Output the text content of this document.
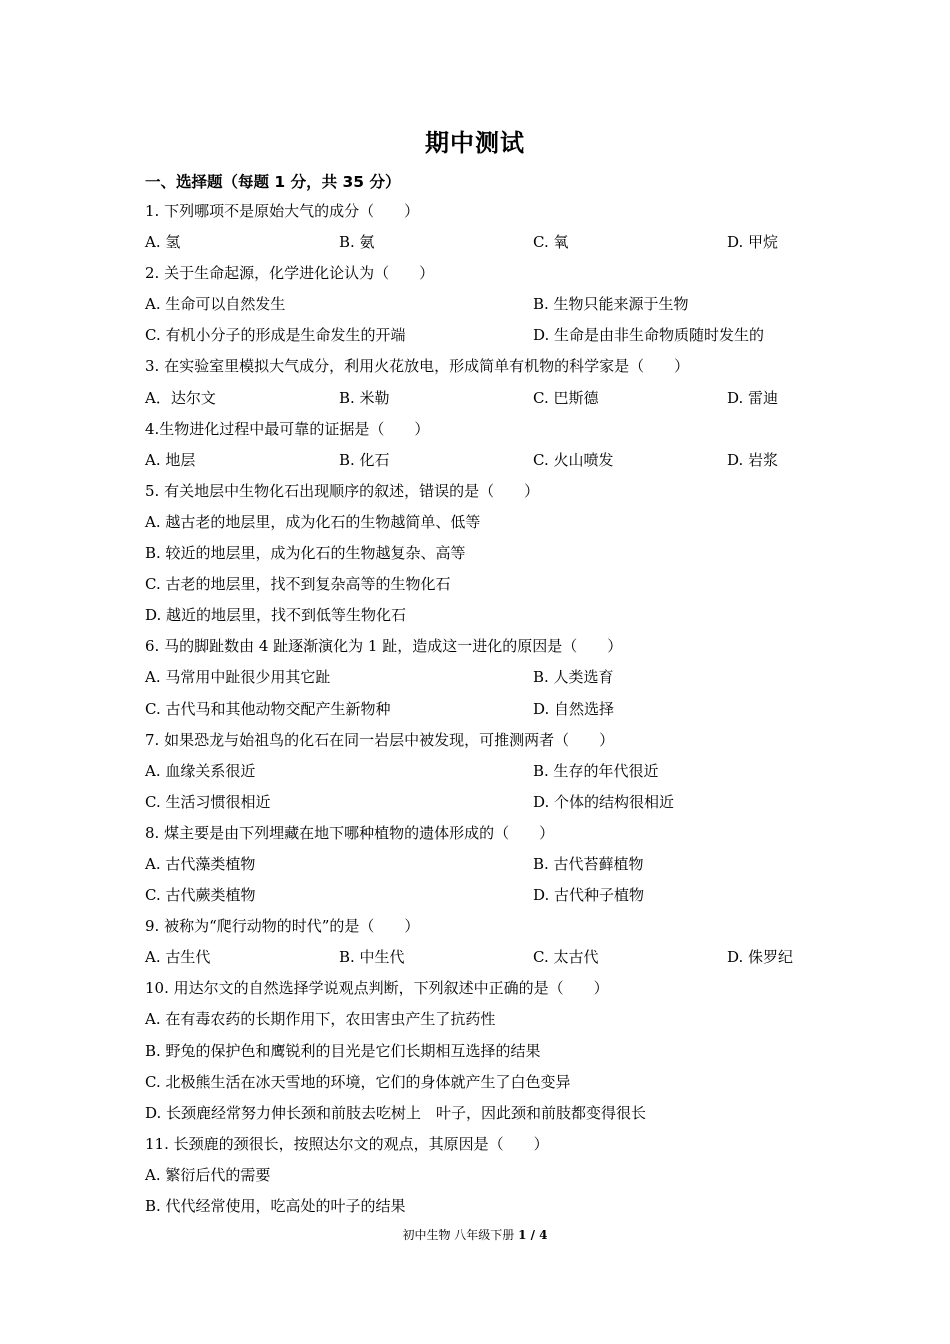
期中测试
一、选择题（每题 1 分，共 35 分）
1. 下列哪项不是原始大气的成分（　　）
A. 氢	B. 氨	C. 氧	D. 甲烷
2. 关于生命起源，化学进化论认为（　　）
A. 生命可以自然发生	B. 生物只能来源于生物
C. 有机小分子的形成是生命发生的开端	D. 生命是由非生命物质随时发生的
3. 在实验室里模拟大气成分，利用火花放电，形成简单有机物的科学家是（　　）
A．达尔文	B. 米勒	C. 巴斯德	D. 雷迪
4.生物进化过程中最可靠的证据是（　　）
A. 地层	B. 化石	C. 火山喷发	D. 岩浆
5. 有关地层中生物化石出现顺序的叙述，错误的是（　　）
A. 越古老的地层里，成为化石的生物越简单、低等
B. 较近的地层里，成为化石的生物越复杂、高等
C. 古老的地层里，找不到复杂高等的生物化石
D. 越近的地层里，找不到低等生物化石
6. 马的脚趾数由 4 趾逐渐演化为 1 趾，造成这一进化的原因是（　　）
A. 马常用中趾很少用其它趾	B. 人类选育
C. 古代马和其他动物交配产生新物种	D. 自然选择
7. 如果恐龙与始祖鸟的化石在同一岩层中被发现，可推测两者（　　）
A. 血缘关系很近	B. 生存的年代很近
C. 生活习惯很相近	D. 个体的结构很相近
8. 煤主要是由下列埋藏在地下哪种植物的遗体形成的（　　）
A. 古代藻类植物	B. 古代苔藓植物
C. 古代蕨类植物	D. 古代种子植物
9. 被称为“爬行动物的时代”的是（　　）
A. 古生代	B. 中生代	C. 太古代	D. 侏罗纪
10. 用达尔文的自然选择学说观点判断，下列叙述中正确的是（　　）
A. 在有毒农药的长期作用下，农田害虫产生了抗药性
B. 野兔的保护色和鹰锐利的目光是它们长期相互选择的结果
C. 北极熊生活在冰天雪地的环境，它们的身体就产生了白色变异
D. 长颈鹿经常努力伸长颈和前肢去吃树上　叶子，因此颈和前肢都变得很长
11. 长颈鹿的颈很长，按照达尔文的观点，其原因是（　　）
A. 繁衍后代的需要
B. 代代经常使用，吃高处的叶子的结果
初中生物 八年级下册 1 / 4
